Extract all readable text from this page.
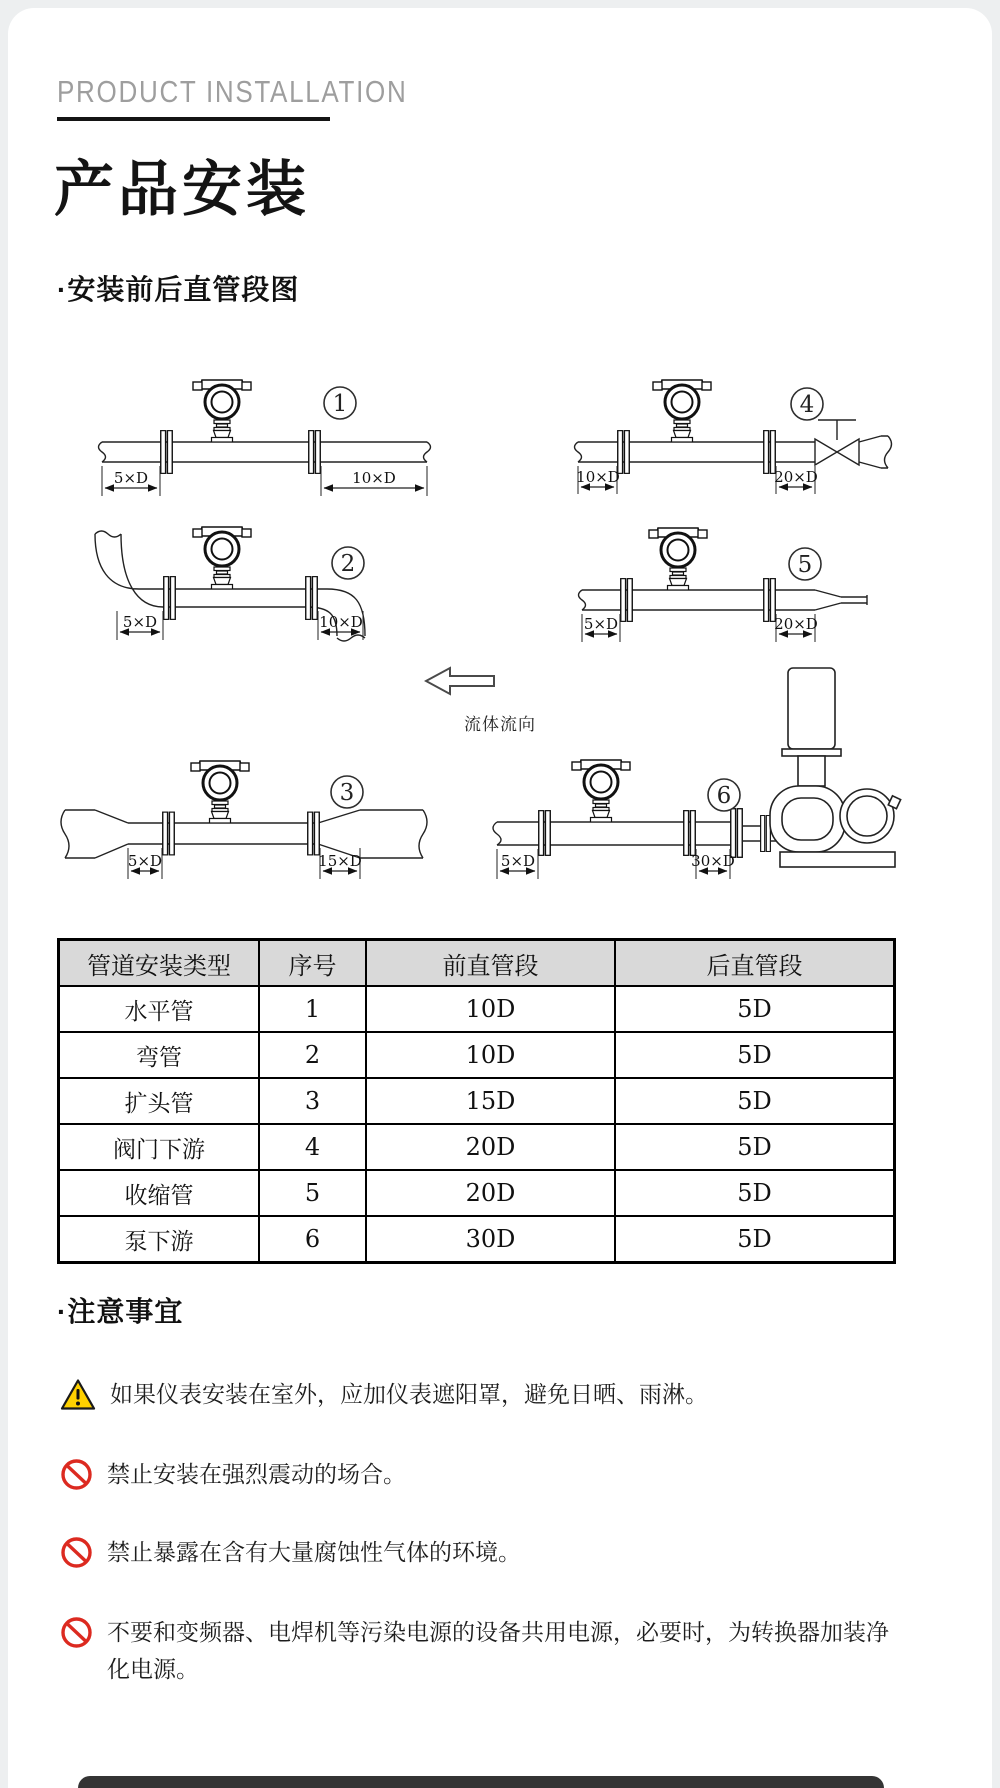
PRODUCT INSTALLATION
产品安装
·安装前后直管段图
1
5×D	10×D
4
10×D	20×D
2
5×D	10×D
5
5×D	20×D
流体流向
3
5×D	15×D
6
5×D	30×D
管道安装类型	序号	前直管段	后直管段
水平管	1	10D	5D
弯管	2	10D	5D
扩头管	3	15D	5D
阀门下游	4	20D	5D
收缩管	5	20D	5D
泵下游	6	30D	5D
·注意事宜
如果仪表安装在室外，应加仪表遮阳罩，避免日晒、雨淋。
禁止安装在强烈震动的场合。
禁止暴露在含有大量腐蚀性气体的环境。
不要和变频器、电焊机等污染电源的设备共用电源，必要时，为转换器加装净化电源。
